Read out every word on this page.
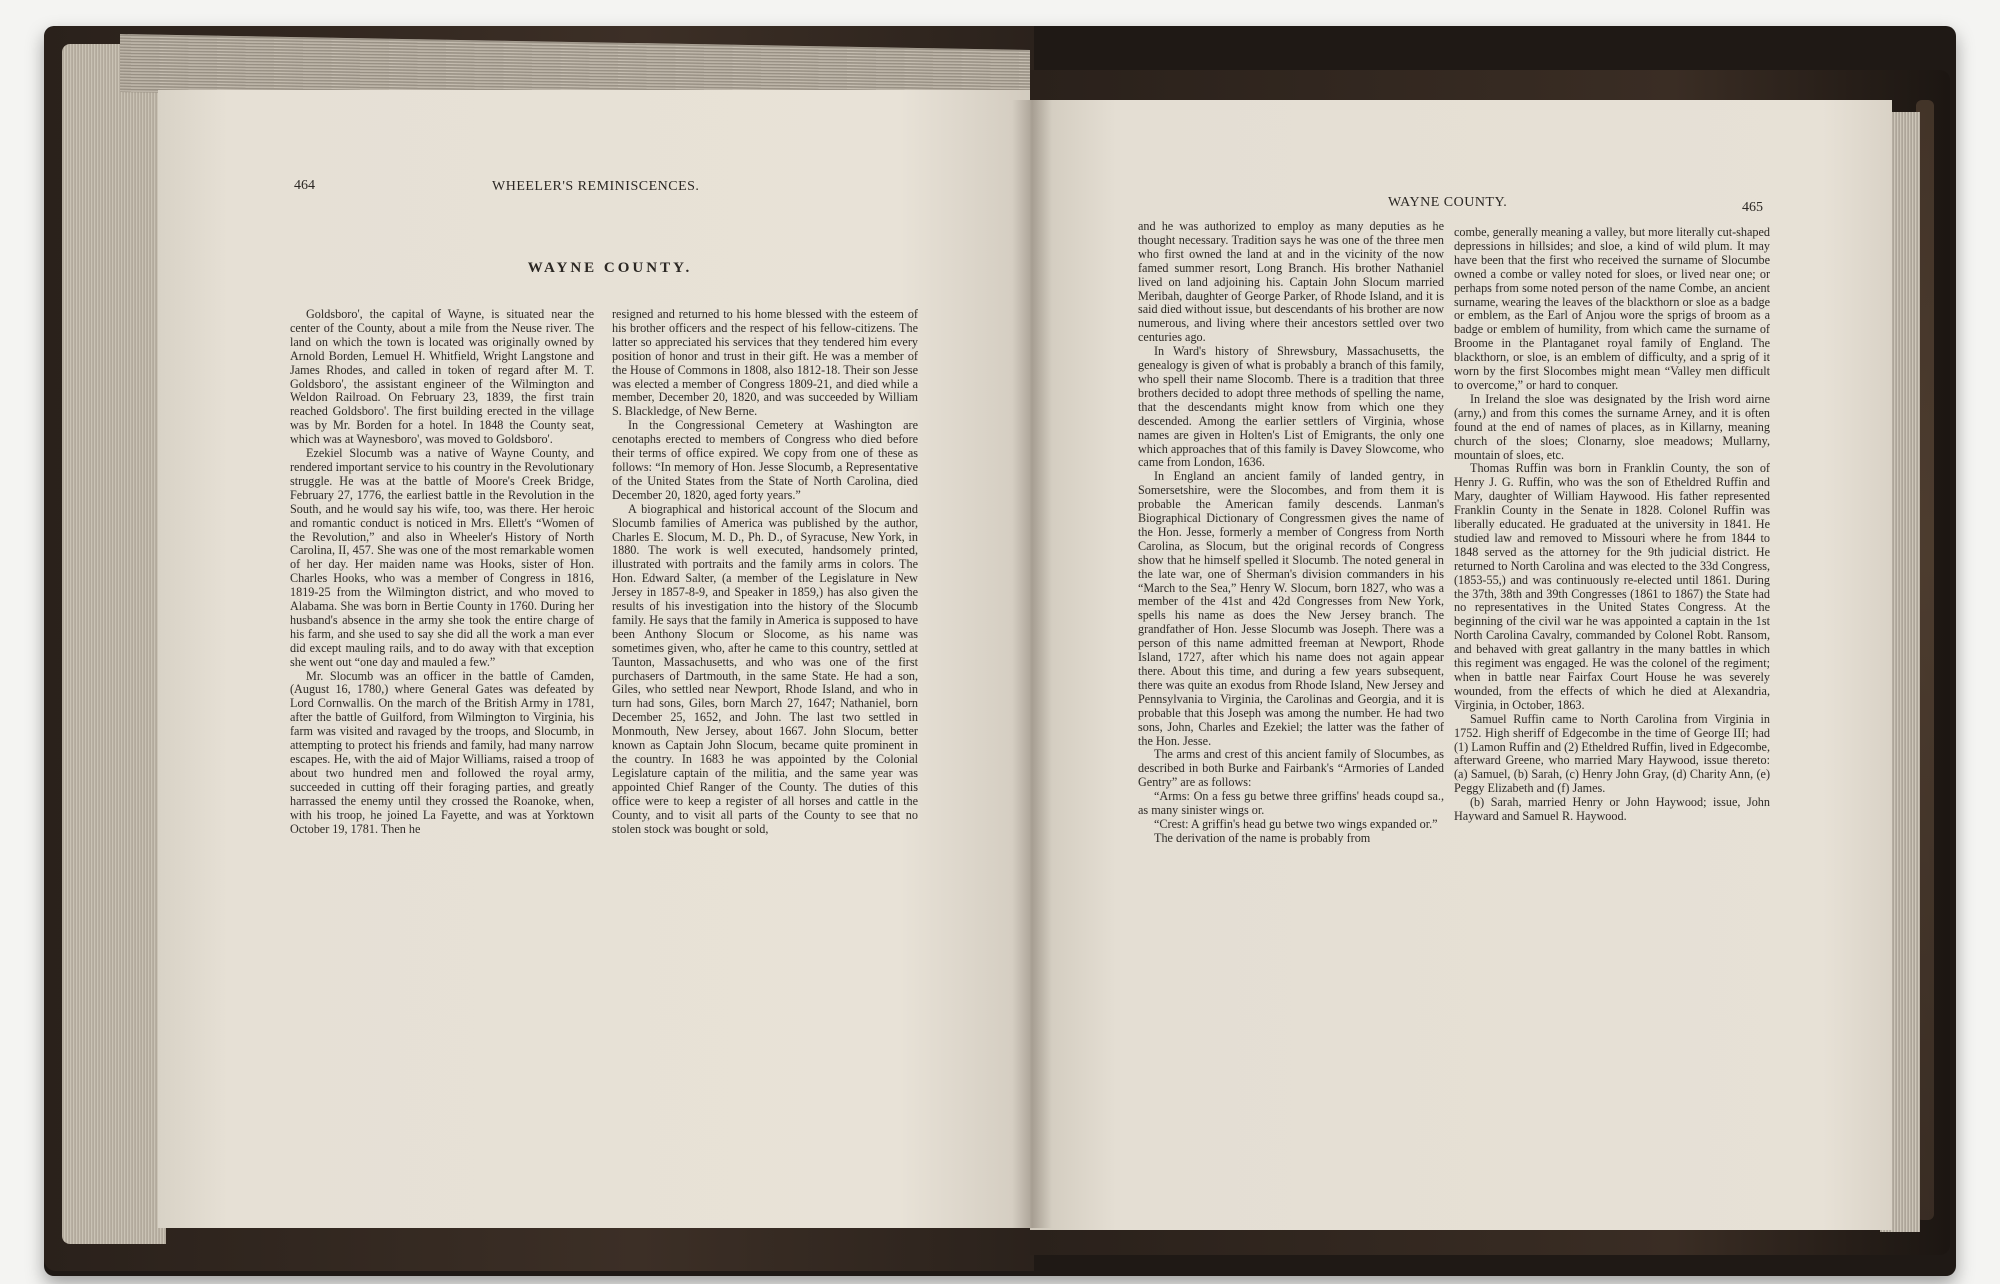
464	WHEELER'S REMINISCENCES.
WAYNE COUNTY.

Goldsboro', the capital of Wayne, is situated near the center of the County, about a mile from the Neuse river. The land on which the town is located was originally owned by Arnold Borden, Lemuel H. Whitfield, Wright Langstone and James Rhodes, and called in token of regard after M. T. Goldsboro', the assistant engineer of the Wilmington and Weldon Railroad. On February 23, 1839, the first train reached Goldsboro'. The first building erected in the village was by Mr. Borden for a hotel. In 1848 the County seat, which was at Waynesboro', was moved to Goldsboro'.

Ezekiel Slocumb was a native of Wayne County, and rendered important service to his country in the Revolutionary struggle. He was at the battle of Moore's Creek Bridge, February 27, 1776, the earliest battle in the Revolution in the South, and he would say his wife, too, was there. Her heroic and romantic conduct is noticed in Mrs. Ellett's “Women of the Revolution,” and also in Wheeler's History of North Carolina, II, 457. She was one of the most remarkable women of her day. Her maiden name was Hooks, sister of Hon. Charles Hooks, who was a member of Congress in 1816, 1819-25 from the Wilmington district, and who moved to Alabama. She was born in Bertie County in 1760. During her husband's absence in the army she took the entire charge of his farm, and she used to say she did all the work a man ever did except mauling rails, and to do away with that exception she went out “one day and mauled a few.”

Mr. Slocumb was an officer in the battle of Camden, (August 16, 1780,) where General Gates was defeated by Lord Cornwallis. On the march of the British Army in 1781, after the battle of Guilford, from Wilmington to Virginia, his farm was visited and ravaged by the troops, and Slocumb, in attempting to protect his friends and family, had many narrow escapes. He, with the aid of Major Williams, raised a troop of about two hundred men and followed the royal army, succeeded in cutting off their foraging parties, and greatly harrassed the enemy until they crossed the Roanoke, when, with his troop, he joined La Fayette, and was at Yorktown October 19, 1781. Then he

resigned and returned to his home blessed with the esteem of his brother officers and the respect of his fellow-citizens. The latter so appreciated his services that they tendered him every position of honor and trust in their gift. He was a member of the House of Commons in 1808, also 1812-18. Their son Jesse was elected a member of Congress 1809-21, and died while a member, December 20, 1820, and was succeeded by William S. Blackledge, of New Berne.

In the Congressional Cemetery at Washington are cenotaphs erected to members of Congress who died before their terms of office expired. We copy from one of these as follows: “In memory of Hon. Jesse Slocumb, a Representative of the United States from the State of North Carolina, died December 20, 1820, aged forty years.”

A biographical and historical account of the Slocum and Slocumb families of America was published by the author, Charles E. Slocum, M. D., Ph. D., of Syracuse, New York, in 1880. The work is well executed, handsomely printed, illustrated with portraits and the family arms in colors. The Hon. Edward Salter, (a member of the Legislature in New Jersey in 1857-8-9, and Speaker in 1859,) has also given the results of his investigation into the history of the Slocumb family. He says that the family in America is supposed to have been Anthony Slocum or Slocome, as his name was sometimes given, who, after he came to this country, settled at Taunton, Massachusetts, and who was one of the first purchasers of Dartmouth, in the same State. He had a son, Giles, who settled near Newport, Rhode Island, and who in turn had sons, Giles, born March 27, 1647; Nathaniel, born December 25, 1652, and John. The last two settled in Monmouth, New Jersey, about 1667. John Slocum, better known as Captain John Slocum, became quite prominent in the country. In 1683 he was appointed by the Colonial Legislature captain of the militia, and the same year was appointed Chief Ranger of the County. The duties of this office were to keep a register of all horses and cattle in the County, and to visit all parts of the County to see that no stolen stock was bought or sold,

WAYNE COUNTY.	465

and he was authorized to employ as many deputies as he thought necessary. Tradition says he was one of the three men who first owned the land at and in the vicinity of the now famed summer resort, Long Branch. His brother Nathaniel lived on land adjoining his. Captain John Slocum married Meribah, daughter of George Parker, of Rhode Island, and it is said died without issue, but descendants of his brother are now numerous, and living where their ancestors settled over two centuries ago.

In Ward's history of Shrewsbury, Massachusetts, the genealogy is given of what is probably a branch of this family, who spell their name Slocomb. There is a tradition that three brothers decided to adopt three methods of spelling the name, that the descendants might know from which one they descended. Among the earlier settlers of Virginia, whose names are given in Holten's List of Emigrants, the only one which approaches that of this family is Davey Slowcome, who came from London, 1636.

In England an ancient family of landed gentry, in Somersetshire, were the Slocombes, and from them it is probable the American family descends. Lanman's Biographical Dictionary of Congressmen gives the name of the Hon. Jesse, formerly a member of Congress from North Carolina, as Slocum, but the original records of Congress show that he himself spelled it Slocumb. The noted general in the late war, one of Sherman's division commanders in his “March to the Sea,” Henry W. Slocum, born 1827, who was a member of the 41st and 42d Congresses from New York, spells his name as does the New Jersey branch. The grandfather of Hon. Jesse Slocumb was Joseph. There was a person of this name admitted freeman at Newport, Rhode Island, 1727, after which his name does not again appear there. About this time, and during a few years subsequent, there was quite an exodus from Rhode Island, New Jersey and Pennsylvania to Virginia, the Carolinas and Georgia, and it is probable that this Joseph was among the number. He had two sons, John, Charles and Ezekiel; the latter was the father of the Hon. Jesse.

The arms and crest of this ancient family of Slocumbes, as described in both Burke and Fairbank's “Armories of Landed Gentry” are as follows:

“Arms: On a fess gu betwe three griffins' heads coupd sa., as many sinister wings or.

“Crest: A griffin's head gu betwe two wings expanded or.”

The derivation of the name is probably from

combe, generally meaning a valley, but more literally cut-shaped depressions in hillsides; and sloe, a kind of wild plum. It may have been that the first who received the surname of Slocumbe owned a combe or valley noted for sloes, or lived near one; or perhaps from some noted person of the name Combe, an ancient surname, wearing the leaves of the blackthorn or sloe as a badge or emblem, as the Earl of Anjou wore the sprigs of broom as a badge or emblem of humility, from which came the surname of Broome in the Plantaganet royal family of England. The blackthorn, or sloe, is an emblem of difficulty, and a sprig of it worn by the first Slocombes might mean “Valley men difficult to overcome,” or hard to conquer.

In Ireland the sloe was designated by the Irish word airne (arny,) and from this comes the surname Arney, and it is often found at the end of names of places, as in Killarny, meaning church of the sloes; Clonarny, sloe meadows; Mullarny, mountain of sloes, etc.

Thomas Ruffin was born in Franklin County, the son of Henry J. G. Ruffin, who was the son of Etheldred Ruffin and Mary, daughter of William Haywood. His father represented Franklin County in the Senate in 1828. Colonel Ruffin was liberally educated. He graduated at the university in 1841. He studied law and removed to Missouri where he from 1844 to 1848 served as the attorney for the 9th judicial district. He returned to North Carolina and was elected to the 33d Congress, (1853-55,) and was continuously re-elected until 1861. During the 37th, 38th and 39th Congresses (1861 to 1867) the State had no representatives in the United States Congress. At the beginning of the civil war he was appointed a captain in the 1st North Carolina Cavalry, commanded by Colonel Robt. Ransom, and behaved with great gallantry in the many battles in which this regiment was engaged. He was the colonel of the regiment; when in battle near Fairfax Court House he was severely wounded, from the effects of which he died at Alexandria, Virginia, in October, 1863.

Samuel Ruffin came to North Carolina from Virginia in 1752. High sheriff of Edgecombe in the time of George III; had (1) Lamon Ruffin and (2) Etheldred Ruffin, lived in Edgecombe, afterward Greene, who married Mary Haywood, issue thereto: (a) Samuel, (b) Sarah, (c) Henry John Gray, (d) Charity Ann, (e) Peggy Elizabeth and (f) James.

(b) Sarah, married Henry or John Haywood; issue, John Hayward and Samuel R. Haywood.
